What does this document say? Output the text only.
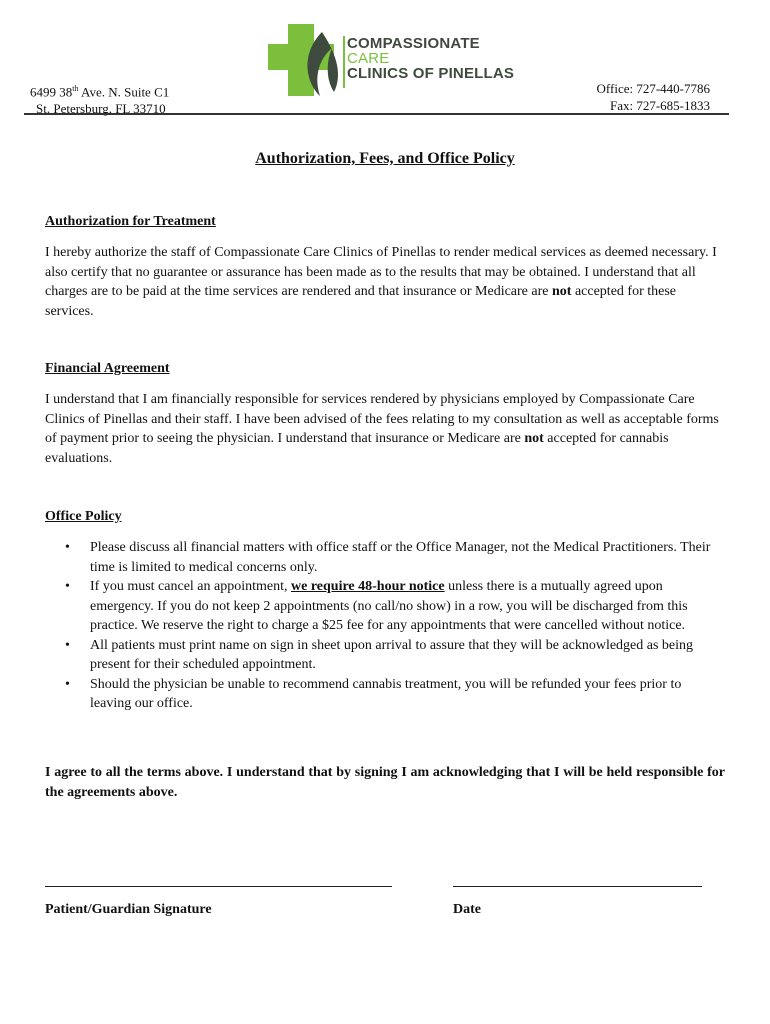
6499 38th Ave. N. Suite C1
St. Petersburg, FL 33710
COMPASSIONATE
CARE
CLINICS OF PINELLAS
Office: 727-440-7786
Fax: 727-685-1833
Authorization, Fees, and Office Policy
Authorization for Treatment
I hereby authorize the staff of Compassionate Care Clinics of Pinellas to render medical services as deemed necessary. I also certify that no guarantee or assurance has been made as to the results that may be obtained. I understand that all charges are to be paid at the time services are rendered and that insurance or Medicare are not accepted for these services.
Financial Agreement
I understand that I am financially responsible for services rendered by physicians employed by Compassionate Care Clinics of Pinellas and their staff. I have been advised of the fees relating to my consultation as well as acceptable forms of payment prior to seeing the physician. I understand that insurance or Medicare are not accepted for cannabis evaluations.
Office Policy
• Please discuss all financial matters with office staff or the Office Manager, not the Medical Practitioners. Their time is limited to medical concerns only.
• If you must cancel an appointment, we require 48-hour notice unless there is a mutually agreed upon emergency. If you do not keep 2 appointments (no call/no show) in a row, you will be discharged from this practice. We reserve the right to charge a $25 fee for any appointments that were cancelled without notice.
• All patients must print name on sign in sheet upon arrival to assure that they will be acknowledged as being present for their scheduled appointment.
• Should the physician be unable to recommend cannabis treatment, you will be refunded your fees prior to leaving our office.
I agree to all the terms above. I understand that by signing I am acknowledging that I will be held responsible for the agreements above.
Patient/Guardian Signature	Date
